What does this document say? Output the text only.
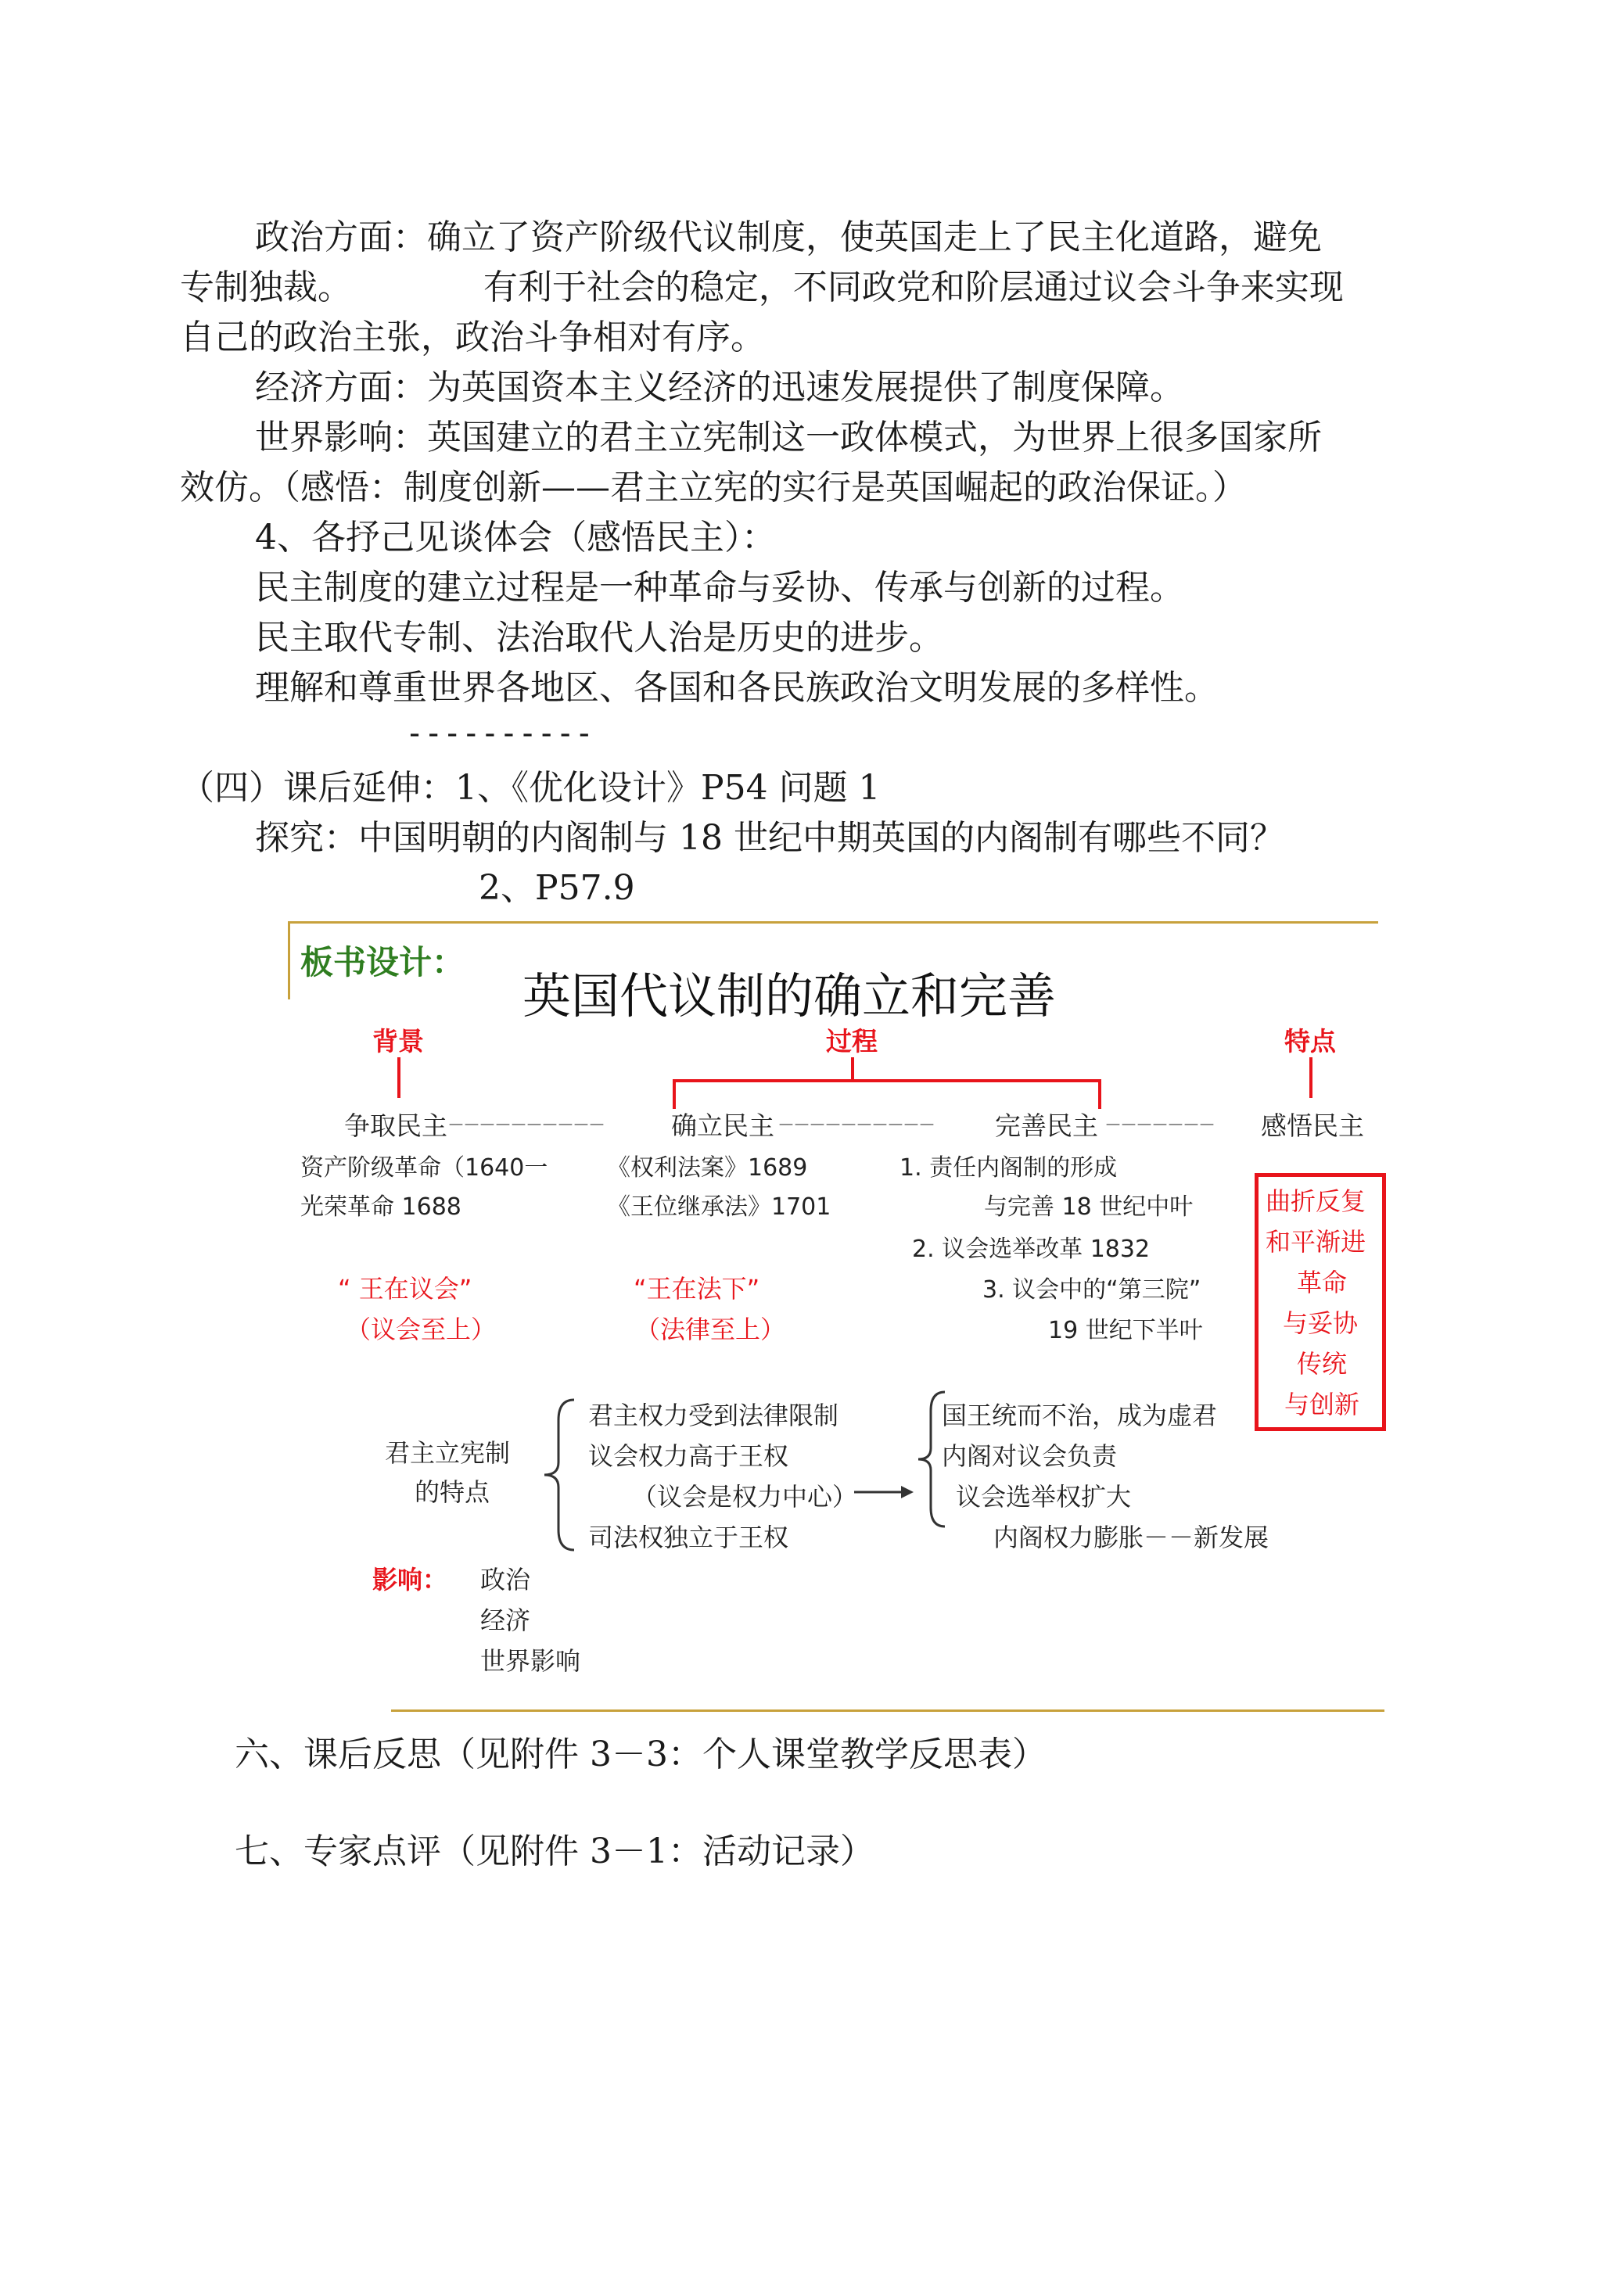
政治方面：确立了资产阶级代议制度，使英国走上了民主化道路，避免
专制独裁。            有利于社会的稳定，不同政党和阶层通过议会斗争来实现
自己的政治主张，政治斗争相对有序。
经济方面：为英国资本主义经济的迅速发展提供了制度保障。
世界影响：英国建立的君主立宪制这一政体模式，为世界上很多国家所
效仿。（感悟：制度创新——君主立宪的实行是英国崛起的政治保证。）
4、各抒己见谈体会（感悟民主）：
民主制度的建立过程是一种革命与妥协、传承与创新的过程。
民主取代专制、法治取代人治是历史的进步。
理解和尊重世界各地区、各国和各民族政治文明发展的多样性。
----------
（四）课后延伸：1、《优化设计》P54 问题 1
探究：中国明朝的内阁制与 18 世纪中期英国的内阁制有哪些不同？
2、P57.9
板书设计：
英国代议制的确立和完善
背景	过程	特点
争取民主 －－－－－－－－－－	确立民主 －－－－－－－－－－ 完善民主 －－－－－－－ 感悟民主
资产阶级革命（1640一
光荣革命 1688
《权利法案》1689
《王位继承法》1701
1. 责任内阁制的形成
与完善 18 世纪中叶
2. 议会选举改革 1832
3. 议会中的“第三院”
19 世纪下半叶
“ 王在议会”
（议会至上）
“王在法下”
（法律至上）
曲折反复
和平渐进
革命
与妥协
传统
与创新
君主立宪制
的特点
君主权力受到法律限制
议会权力高于王权
（议会是权力中心）
司法权独立于王权
国王统而不治，成为虚君
内阁对议会负责
议会选举权扩大
内阁权力膨胀－－新发展
影响： 政治
经济
世界影响
六、课后反思（见附件 3－3：个人课堂教学反思表）
七、专家点评（见附件 3－1：活动记录）
